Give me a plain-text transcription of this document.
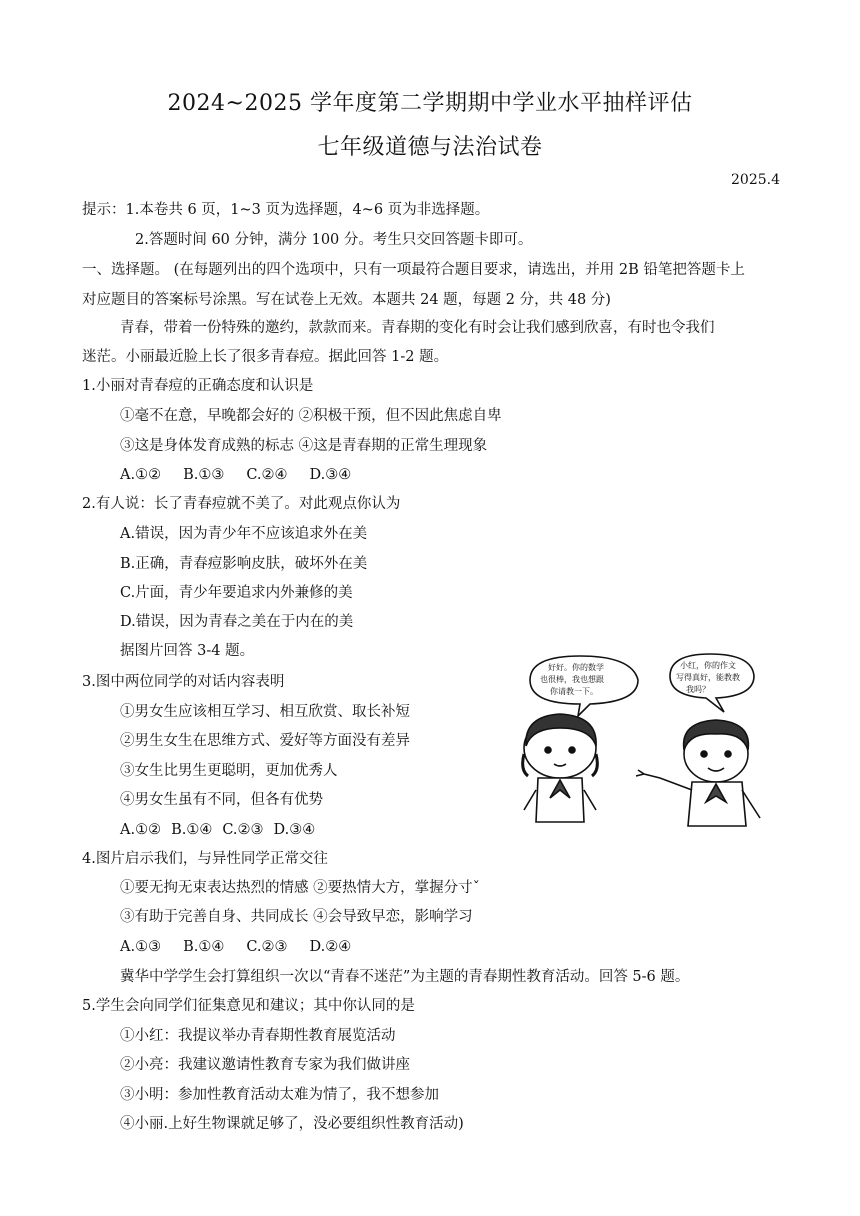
2024~2025 学年度第二学期期中学业水平抽样评估
七年级道德与法治试卷
2025.4
提示：1.本卷共 6 页，1~3 页为选择题，4~6 页为非选择题。
2.答题时间 60 分钟，满分 100 分。考生只交回答题卡即可。
一、选择题。 (在每题列出的四个选项中，只有一项最符合题目要求，请选出，并用 2B 铅笔把答题卡上
对应题目的答案标号涂黑。写在试卷上无效。本题共 24 题，每题 2 分，共 48 分)
青春，带着一份特殊的邀约，款款而来。青春期的变化有时会让我们感到欣喜，有时也令我们
迷茫。小丽最近脸上长了很多青春痘。据此回答 1-2 题。
1.小丽对青春痘的正确态度和认识是
①毫不在意，早晚都会好的 ②积极干预，但不因此焦虑自卑
③这是身体发育成熟的标志 ④这是青春期的正常生理现象
A.①② B.①③ C.②④ D.③④
2.有人说：长了青春痘就不美了。对此观点你认为
A.错误，因为青少年不应该追求外在美
B.正确，青春痘影响皮肤，破坏外在美
C.片面，青少年要追求内外兼修的美
D.错误，因为青春之美在于内在的美
据图片回答 3-4 题。
3.图中两位同学的对话内容表明
①男女生应该相互学习、相互欣赏、取长补短
②男生女生在思维方式、爱好等方面没有差异
③女生比男生更聪明，更加优秀人
④男女生虽有不同，但各有优势
A.①② B.①④ C.②③ D.③④
好好。你的数学
也很棒，我也想跟
你请教一下。
小红，你的作文
写得真好，能教教
我吗？
4.图片启示我们，与异性同学正常交往
①要无拘无束表达热烈的情感 ②要热情大方，掌握分寸ˇ
③有助于完善自身、共同成长 ④会导致早恋，影响学习
A.①③ B.①④ C.②③ D.②④
冀华中学学生会打算组织一次以“青春不迷茫”为主题的青春期性教育活动。回答 5-6 题。
5.学生会向同学们征集意见和建议；其中你认同的是
①小红：我提议举办青春期性教育展览活动
②小亮：我建议邀请性教育专家为我们做讲座
③小明：参加性教育活动太难为情了，我不想参加
④小丽.上好生物课就足够了，没必要组织性教育活动)
